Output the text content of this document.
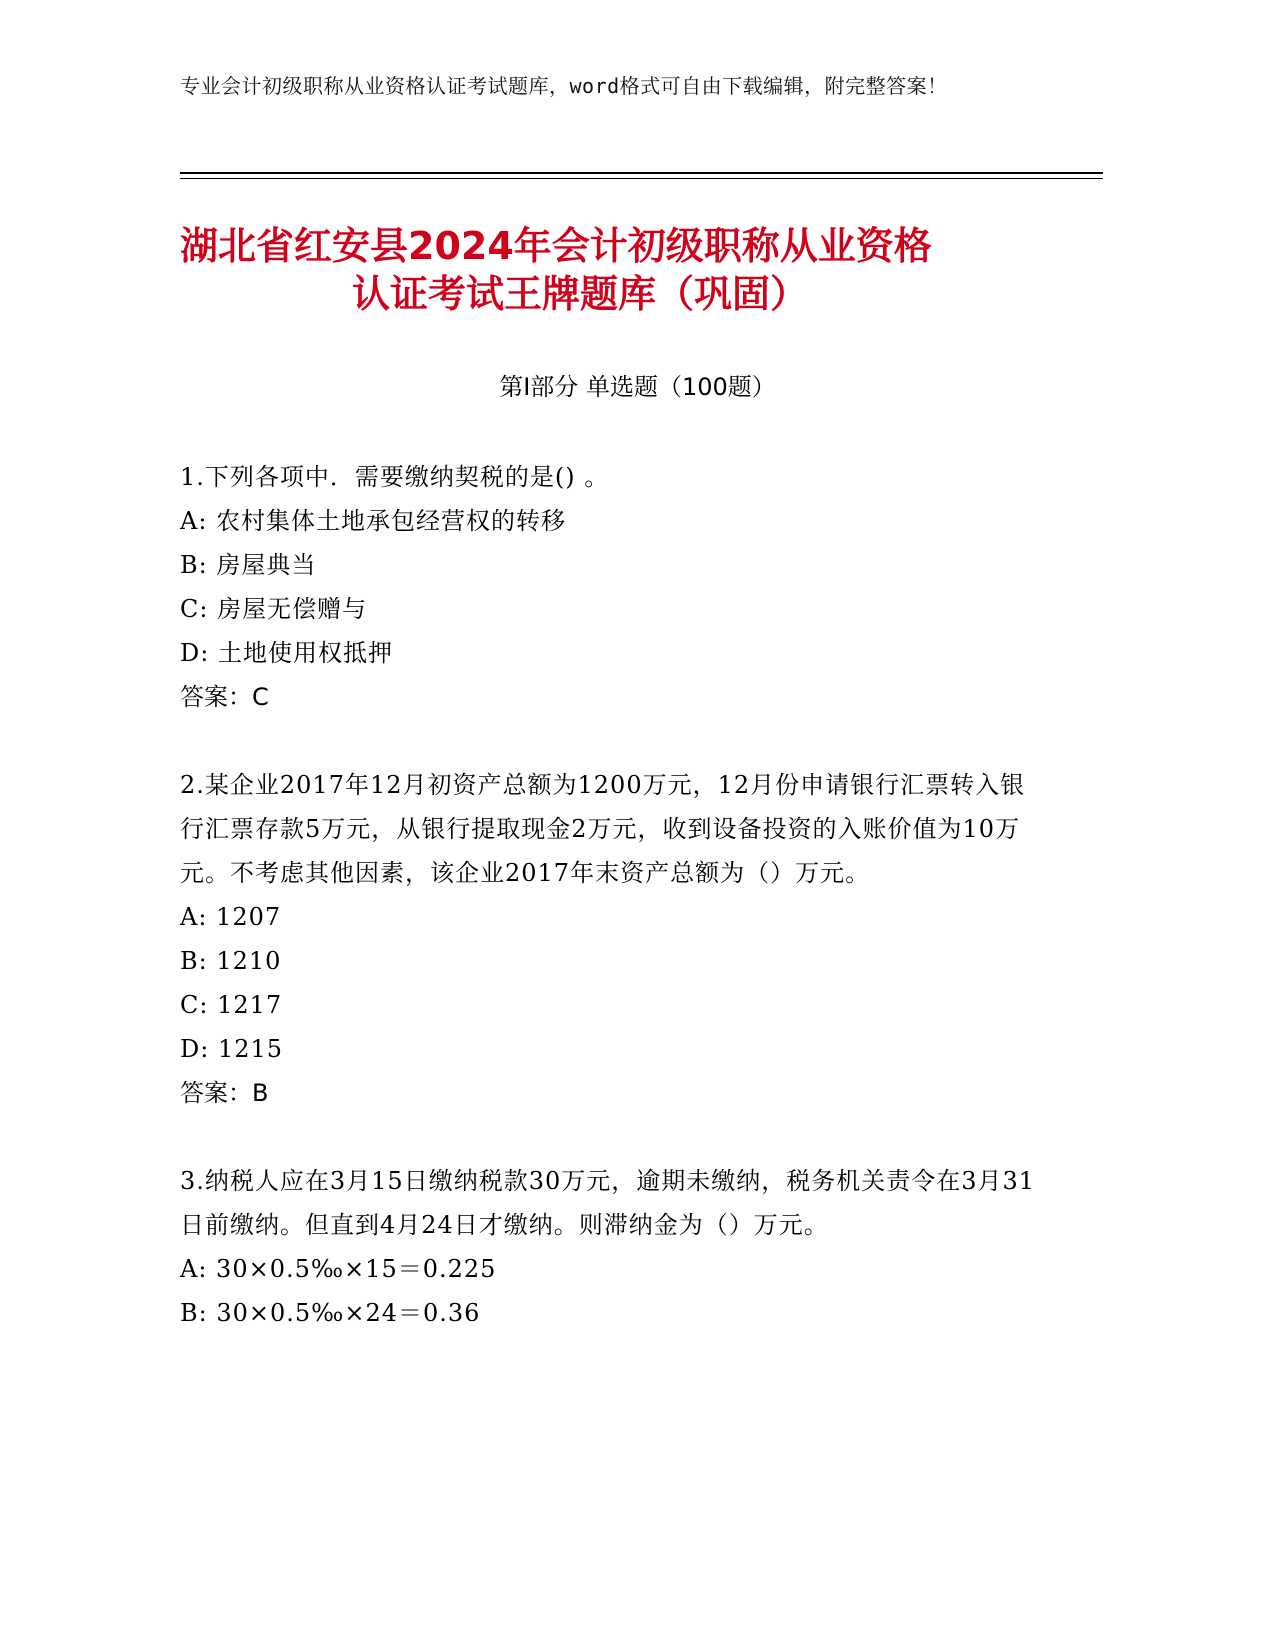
专业会计初级职称从业资格认证考试题库，word格式可自由下载编辑，附完整答案！
湖北省红安县2024年会计初级职称从业资格
认证考试王牌题库（巩固）
第Ⅰ部分 单选题（100题）

1.下列各项中．需要缴纳契税的是() 。

A: 农村集体土地承包经营权的转移

B: 房屋典当

C: 房屋无偿赠与

D: 土地使用权抵押

答案：C

2.某企业2017年12月初资产总额为1200万元，12月份申请银行汇票转入银行汇票存款5万元，从银行提取现金2万元，收到设备投资的入账价值为10万元。不考虑其他因素，该企业2017年末资产总额为（）万元。

A: 1207

B: 1210

C: 1217

D: 1215

答案：B

3.纳税人应在3月15日缴纳税款30万元，逾期未缴纳，税务机关责令在3月31日前缴纳。但直到4月24日才缴纳。则滞纳金为（）万元。

A: 30×0.5‰×15＝0.225

B: 30×0.5‰×24＝0.36
